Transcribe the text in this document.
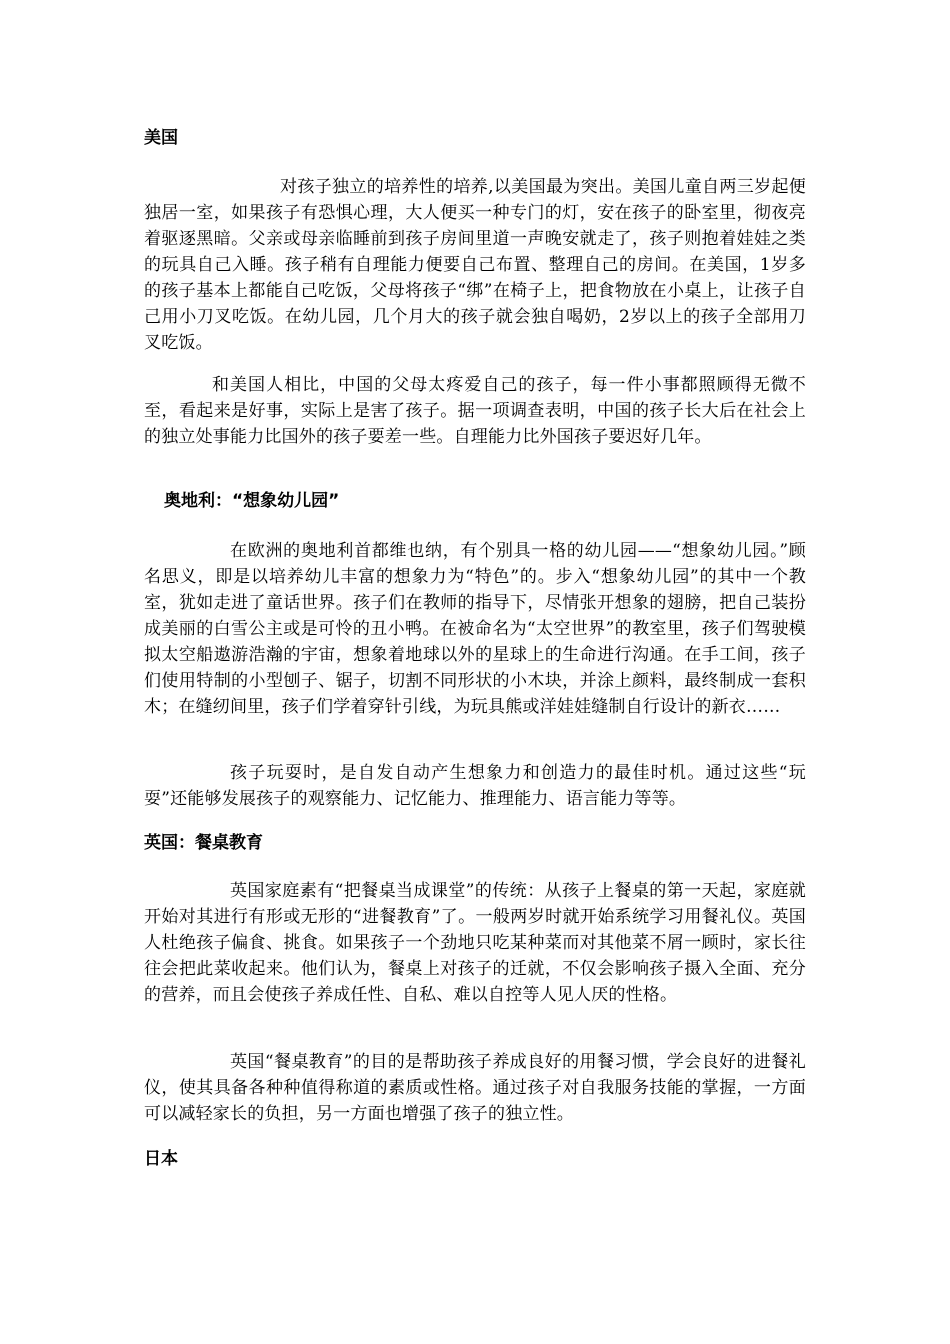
美国

对孩子独立的培养性的培养,以美国最为突出。美国儿童自两三岁起便独居一室，如果孩子有恐惧心理，大人便买一种专门的灯，安在孩子的卧室里，彻夜亮着驱逐黑暗。父亲或母亲临睡前到孩子房间里道一声晚安就走了，孩子则抱着娃娃之类的玩具自己入睡。孩子稍有自理能力便要自己布置、整理自己的房间。在美国，1岁多的孩子基本上都能自己吃饭，父母将孩子“绑”在椅子上，把食物放在小桌上，让孩子自己用小刀叉吃饭。在幼儿园，几个月大的孩子就会独自喝奶，2岁以上的孩子全部用刀叉吃饭。

和美国人相比，中国的父母太疼爱自己的孩子，每一件小事都照顾得无微不至，看起来是好事，实际上是害了孩子。据一项调查表明，中国的孩子长大后在社会上的独立处事能力比国外的孩子要差一些。自理能力比外国孩子要迟好几年。

奥地利：“想象幼儿园”

在欧洲的奥地利首都维也纳，有个别具一格的幼儿园——“想象幼儿园。”顾名思义，即是以培养幼儿丰富的想象力为“特色”的。步入“想象幼儿园”的其中一个教室，犹如走进了童话世界。孩子们在教师的指导下，尽情张开想象的翅膀，把自己装扮成美丽的白雪公主或是可怜的丑小鸭。在被命名为“太空世界”的教室里，孩子们驾驶模拟太空船遨游浩瀚的宇宙，想象着地球以外的星球上的生命进行沟通。在手工间，孩子们使用特制的小型刨子、锯子，切割不同形状的小木块，并涂上颜料，最终制成一套积木；在缝纫间里，孩子们学着穿针引线，为玩具熊或洋娃娃缝制自行设计的新衣……

孩子玩耍时，是自发自动产生想象力和创造力的最佳时机。通过这些“玩耍”还能够发展孩子的观察能力、记忆能力、推理能力、语言能力等等。

英国：餐桌教育

英国家庭素有“把餐桌当成课堂”的传统：从孩子上餐桌的第一天起，家庭就开始对其进行有形或无形的“进餐教育”了。一般两岁时就开始系统学习用餐礼仪。英国人杜绝孩子偏食、挑食。如果孩子一个劲地只吃某种菜而对其他菜不屑一顾时，家长往往会把此菜收起来。他们认为，餐桌上对孩子的迁就，不仅会影响孩子摄入全面、充分的营养，而且会使孩子养成任性、自私、难以自控等人见人厌的性格。

英国“餐桌教育”的目的是帮助孩子养成良好的用餐习惯，学会良好的进餐礼仪，使其具备各种种值得称道的素质或性格。通过孩子对自我服务技能的掌握，一方面可以减轻家长的负担，另一方面也增强了孩子的独立性。

日本
